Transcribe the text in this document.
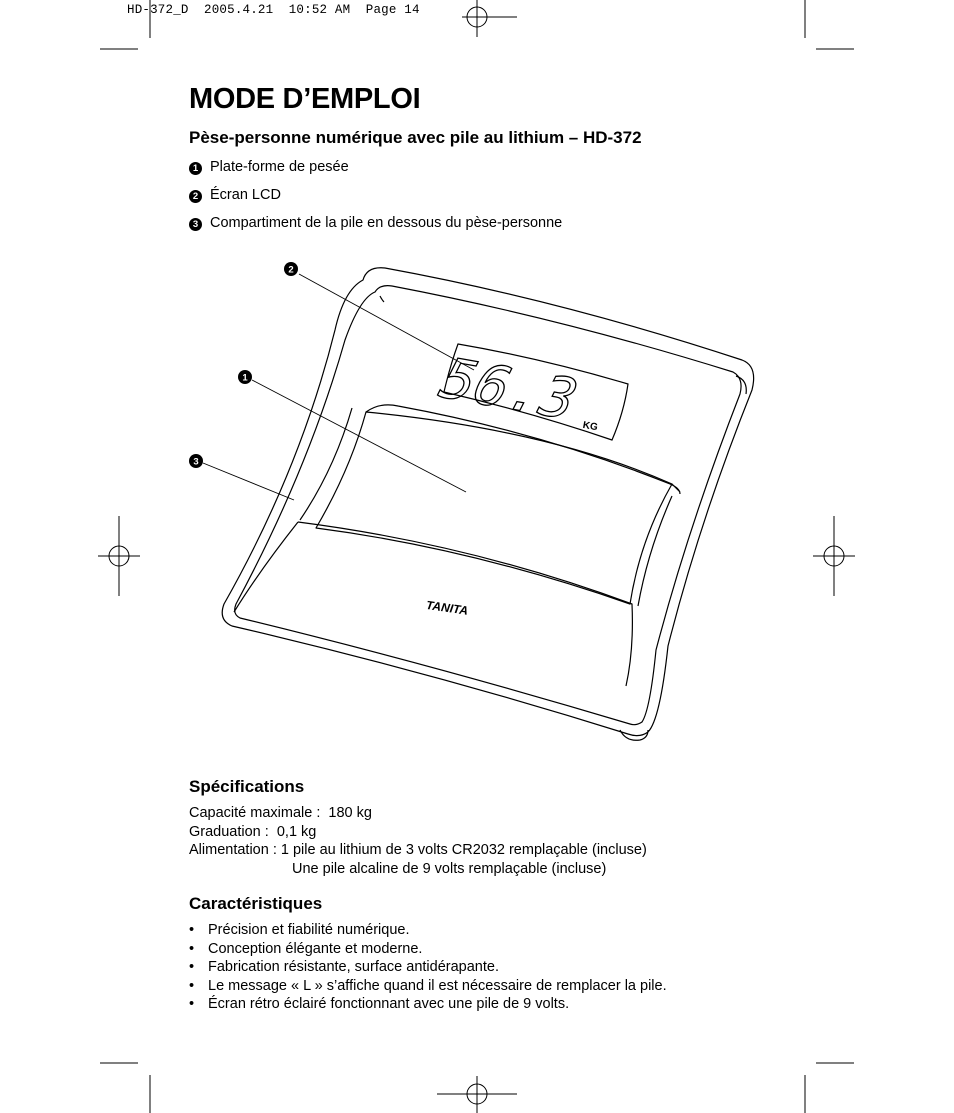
HD-372_D  2005.4.21  10:52 AM  Page 14
MODE D’EMPLOI

Pèse-personne numérique avec pile au lithium – HD-372

1 Plate-forme de pesée
2 Écran LCD
3 Compartiment de la pile en dessous du pèse-personne
56.3
KG
TANITA
2
1
3
Spécifications
Capacité maximale :  180 kg
Graduation :  0,1 kg
Alimentation : 1 pile au lithium de 3 volts CR2032 remplaçable (incluse)
Une pile alcaline de 9 volts remplaçable (incluse)
Caractéristiques
• Précision et fiabilité numérique.
• Conception élégante et moderne.
• Fabrication résistante, surface antidérapante.
• Le message « L » s’affiche quand il est nécessaire de remplacer la pile.
• Écran rétro éclairé fonctionnant avec une pile de 9 volts.
